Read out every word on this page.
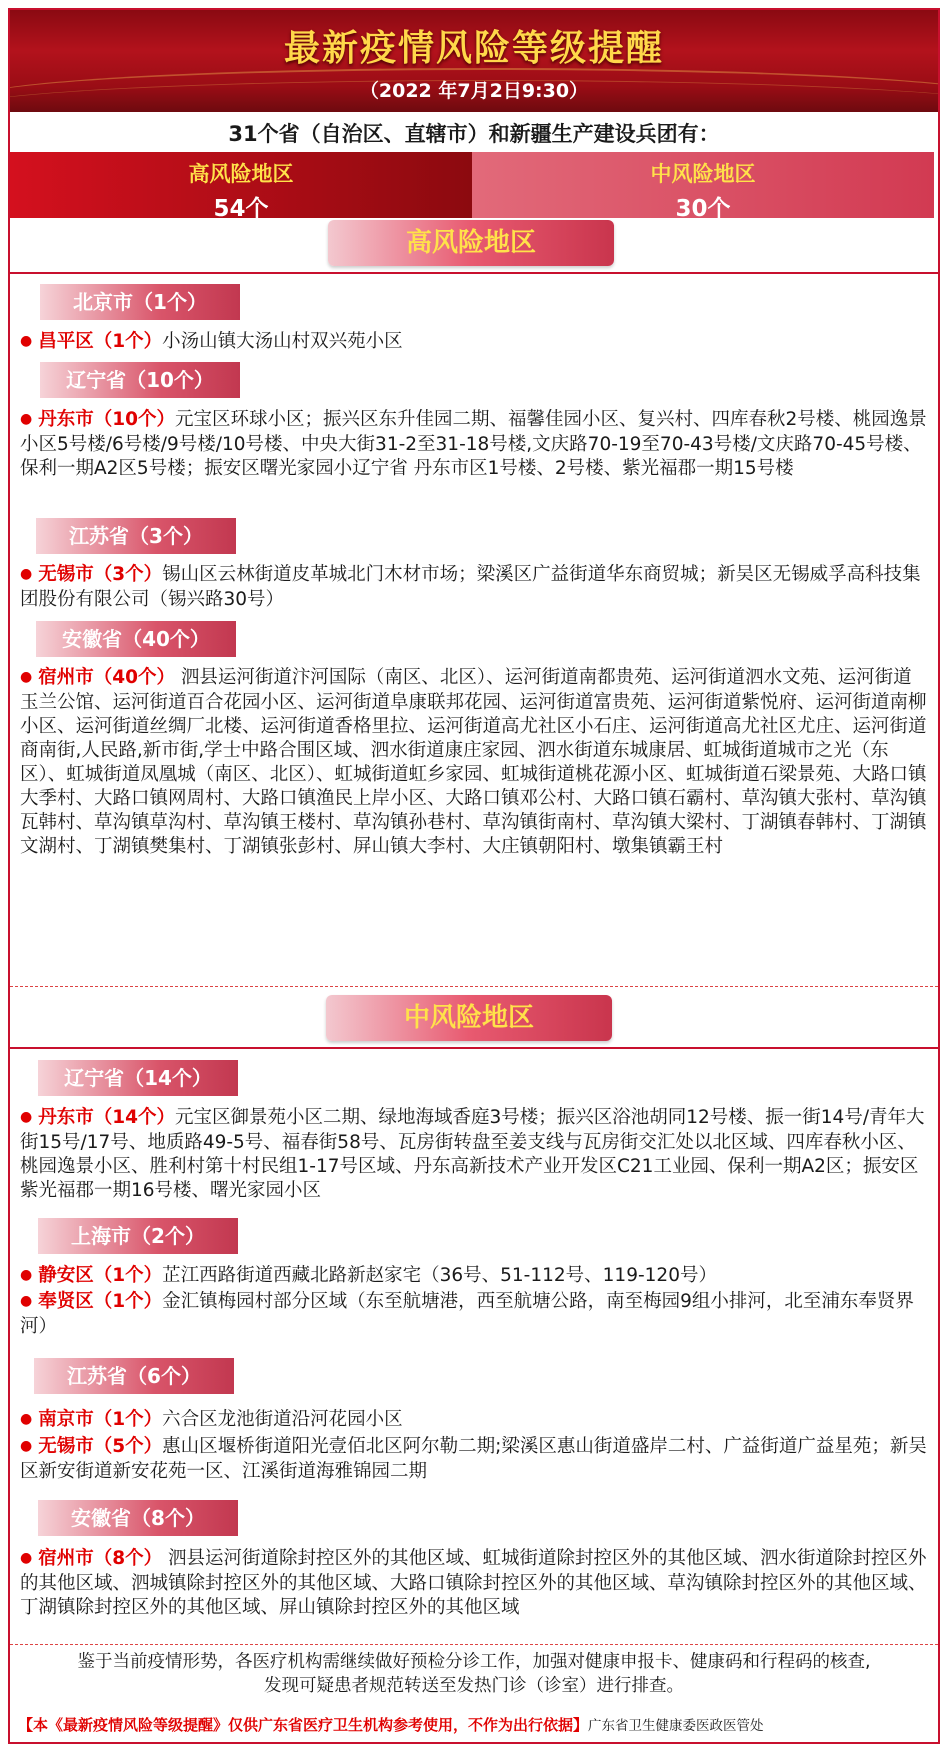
最新疫情风险等级提醒
（2022 年7月2日9:30）
31个省（自治区、直辖市）和新疆生产建设兵团有：
高风险地区
54个
中风险地区
30个
高风险地区
北京市（1个）
● 昌平区（1个）小汤山镇大汤山村双兴苑小区
辽宁省（10个）
● 丹东市（10个）元宝区环球小区；振兴区东升佳园二期、福馨佳园小区、复兴村、四库春秋2号楼、桃园逸景小区5号楼/6号楼/9号楼/10号楼、中央大街31-2至31-18号楼,文庆路70-19至70-43号楼/文庆路70-45号楼、保利一期A2区5号楼；振安区曙光家园小辽宁省 丹东市区1号楼、2号楼、紫光福郡一期15号楼
江苏省（3个）
● 无锡市（3个）锡山区云林街道皮革城北门木材市场；梁溪区广益街道华东商贸城；新吴区无锡威孚高科技集团股份有限公司（锡兴路30号）
安徽省（40个）
● 宿州市（40个） 泗县运河街道汴河国际（南区、北区）、运河街道南都贵苑、运河街道泗水文苑、运河街道玉兰公馆、运河街道百合花园小区、运河街道阜康联邦花园、运河街道富贵苑、运河街道紫悦府、运河街道南柳小区、运河街道丝绸厂北楼、运河街道香格里拉、运河街道高尤社区小石庄、运河街道高尤社区尤庄、运河街道商南街,人民路,新市街,学士中路合围区域、泗水街道康庄家园、泗水街道东城康居、虹城街道城市之光（东区）、虹城街道凤凰城（南区、北区）、虹城街道虹乡家园、虹城街道桃花源小区、虹城街道石梁景苑、大路口镇大季村、大路口镇网周村、大路口镇渔民上岸小区、大路口镇邓公村、大路口镇石霸村、草沟镇大张村、草沟镇瓦韩村、草沟镇草沟村、草沟镇王楼村、草沟镇孙巷村、草沟镇街南村、草沟镇大梁村、丁湖镇春韩村、丁湖镇文湖村、丁湖镇樊集村、丁湖镇张彭村、屏山镇大李村、大庄镇朝阳村、墩集镇霸王村
中风险地区
辽宁省（14个）
● 丹东市（14个）元宝区御景苑小区二期、绿地海域香庭3号楼；振兴区浴池胡同12号楼、振一街14号/青年大街15号/17号、地质路49-5号、福春街58号、瓦房街转盘至姜支线与瓦房街交汇处以北区域、四库春秋小区、桃园逸景小区、胜利村第十村民组1-17号区域、丹东高新技术产业开发区C21工业园、保利一期A2区；振安区紫光福郡一期16号楼、曙光家园小区
上海市（2个）
● 静安区（1个）芷江西路街道西藏北路新赵家宅（36号、51-112号、119-120号）
● 奉贤区（1个）金汇镇梅园村部分区域（东至航塘港，西至航塘公路，南至梅园9组小排河，北至浦东奉贤界河）
江苏省（6个）
● 南京市（1个）六合区龙池街道沿河花园小区
● 无锡市（5个）惠山区堰桥街道阳光壹佰北区阿尔勒二期;梁溪区惠山街道盛岸二村、广益街道广益星苑；新吴区新安街道新安花苑一区、江溪街道海雅锦园二期
安徽省（8个）
● 宿州市（8个） 泗县运河街道除封控区外的其他区域、虹城街道除封控区外的其他区域、泗水街道除封控区外的其他区域、泗城镇除封控区外的其他区域、大路口镇除封控区外的其他区域、草沟镇除封控区外的其他区域、丁湖镇除封控区外的其他区域、屏山镇除封控区外的其他区域
鉴于当前疫情形势，各医疗机构需继续做好预检分诊工作，加强对健康申报卡、健康码和行程码的核查,
发现可疑患者规范转送至发热门诊（诊室）进行排查。
【本《最新疫情风险等级提醒》仅供广东省医疗卫生机构参考使用，不作为出行依据】广东省卫生健康委医政医管处
